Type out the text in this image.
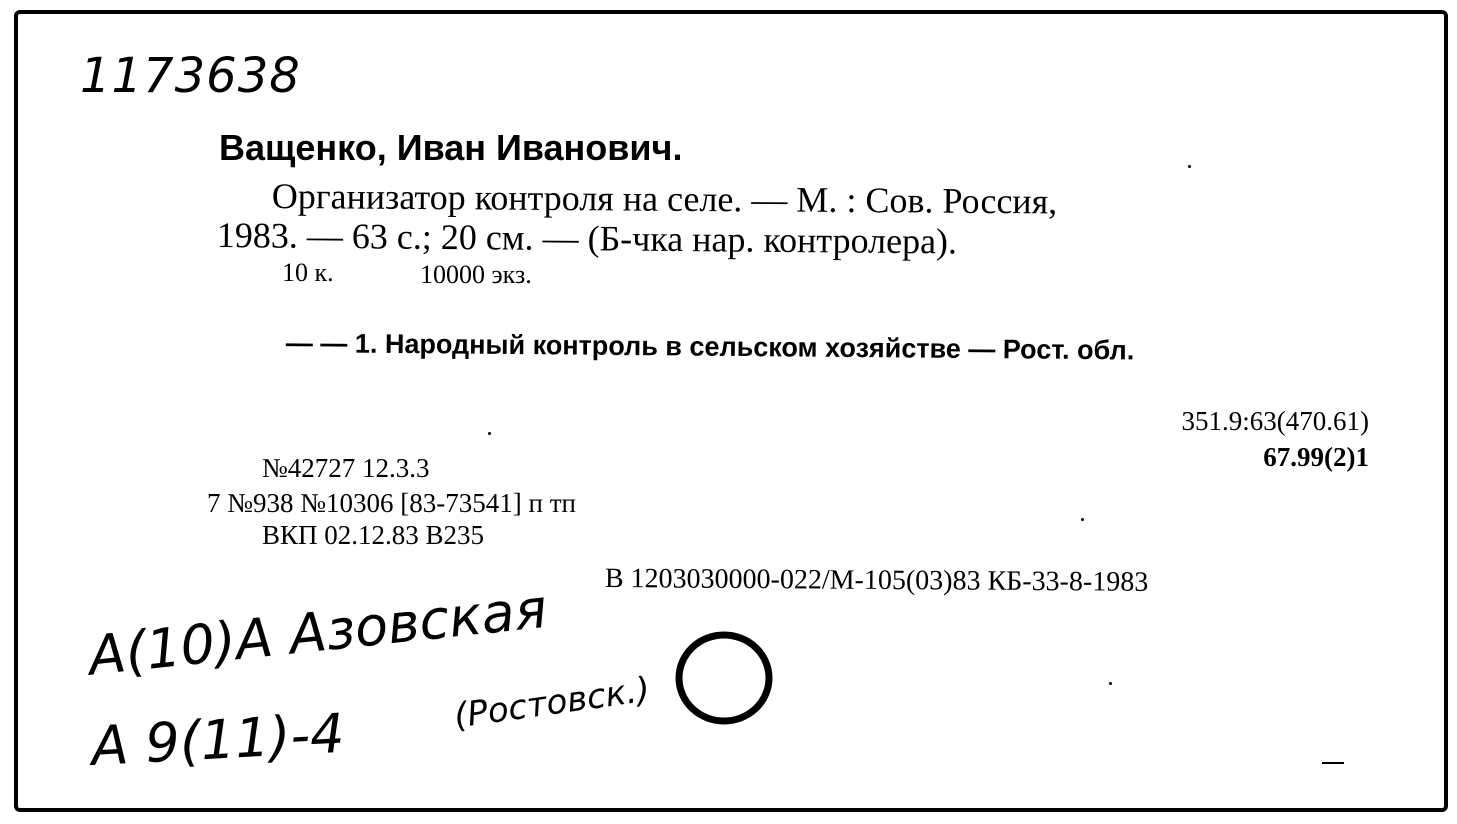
1173638
Ващенко, Иван Иванович.
Организатор контроля на селе. — М. : Сов. Россия,
1983. — 63 с.; 20 см. — (Б-чка нар. контролера).
10 к.	10000 экз.
— — 1. Народный контроль в сельском хозяйстве — Рост. обл.
351.9:63(470.61)
67.99(2)1
№42727 12.3.3
7 №938 №10306 [83-73541] п тп
ВКП 02.12.83 В235
В 1203030000-022/М-105(03)83 КБ-33-8-1983
А(10)А Азовская
(Ростовск.)
А 9(11)-4
